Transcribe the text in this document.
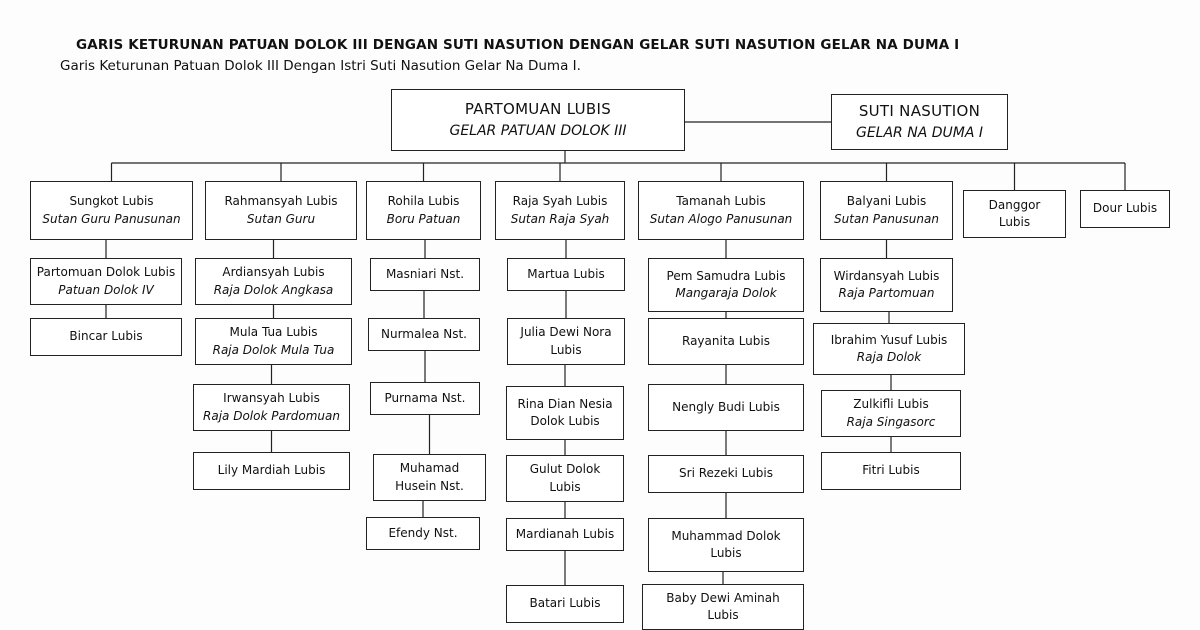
GARIS KETURUNAN PATUAN DOLOK III DENGAN SUTI NASUTION DENGAN GELAR SUTI NASUTION GELAR NA DUMA I
Garis Keturunan Patuan Dolok III Dengan Istri Suti Nasution Gelar Na Duma I.
PARTOMUAN LUBIS
GELAR PATUAN DOLOK III
SUTI NASUTION
GELAR NA DUMA I
Sungkot Lubis
Sutan Guru Panusunan
Partomuan Dolok Lubis
Patuan Dolok IV
Bincar Lubis
Rahmansyah Lubis
Sutan Guru
Ardiansyah Lubis
Raja Dolok Angkasa
Mula Tua Lubis
Raja Dolok Mula Tua
Irwansyah Lubis
Raja Dolok Pardomuan
Lily Mardiah Lubis
Rohila Lubis
Boru Patuan
Masniari Nst.
Nurmalea Nst.
Purnama Nst.
Muhamad
Husein Nst.
Efendy Nst.
Raja Syah Lubis
Sutan Raja Syah
Martua Lubis
Julia Dewi Nora
Lubis
Rina Dian Nesia
Dolok Lubis
Gulut Dolok
Lubis
Mardianah Lubis
Batari Lubis
Tamanah Lubis
Sutan Alogo Panusunan
Pem Samudra Lubis
Mangaraja Dolok
Rayanita Lubis
Nengly Budi Lubis
Sri Rezeki Lubis
Muhammad Dolok
Lubis
Baby Dewi Aminah
Lubis
Balyani Lubis
Sutan Panusunan
Wirdansyah Lubis
Raja Partomuan
Ibrahim Yusuf Lubis
Raja Dolok
Zulkifli Lubis
Raja Singasorc
Fitri Lubis
Danggor
Lubis
Dour Lubis
